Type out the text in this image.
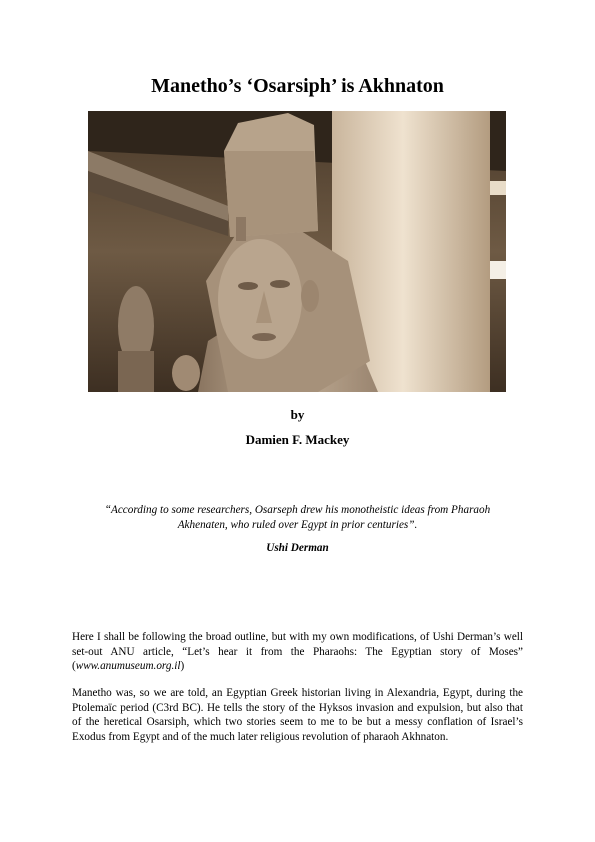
Manetho’s ‘Osarsiph’ is Akhnaton
by
Damien F. Mackey

“According to some researchers, Osarseph drew his monotheistic ideas from Pharaoh Akhenaten, who ruled over Egypt in prior centuries”.

Ushi Derman

Here I shall be following the broad outline, but with my own modifications, of Ushi Derman’s well set-out ANU article, “Let’s hear it from the Pharaohs: The Egyptian story of Moses” (www.anumuseum.org.il)

Manetho was, so we are told, an Egyptian Greek historian living in Alexandria, Egypt, during the Ptolemaïc period (C3rd BC). He tells the story of the Hyksos invasion and expulsion, but also that of the heretical Osarsiph, which two stories seem to me to be but a messy conflation of Israel’s Exodus from Egypt and of the much later religious revolution of pharaoh Akhnaton.
